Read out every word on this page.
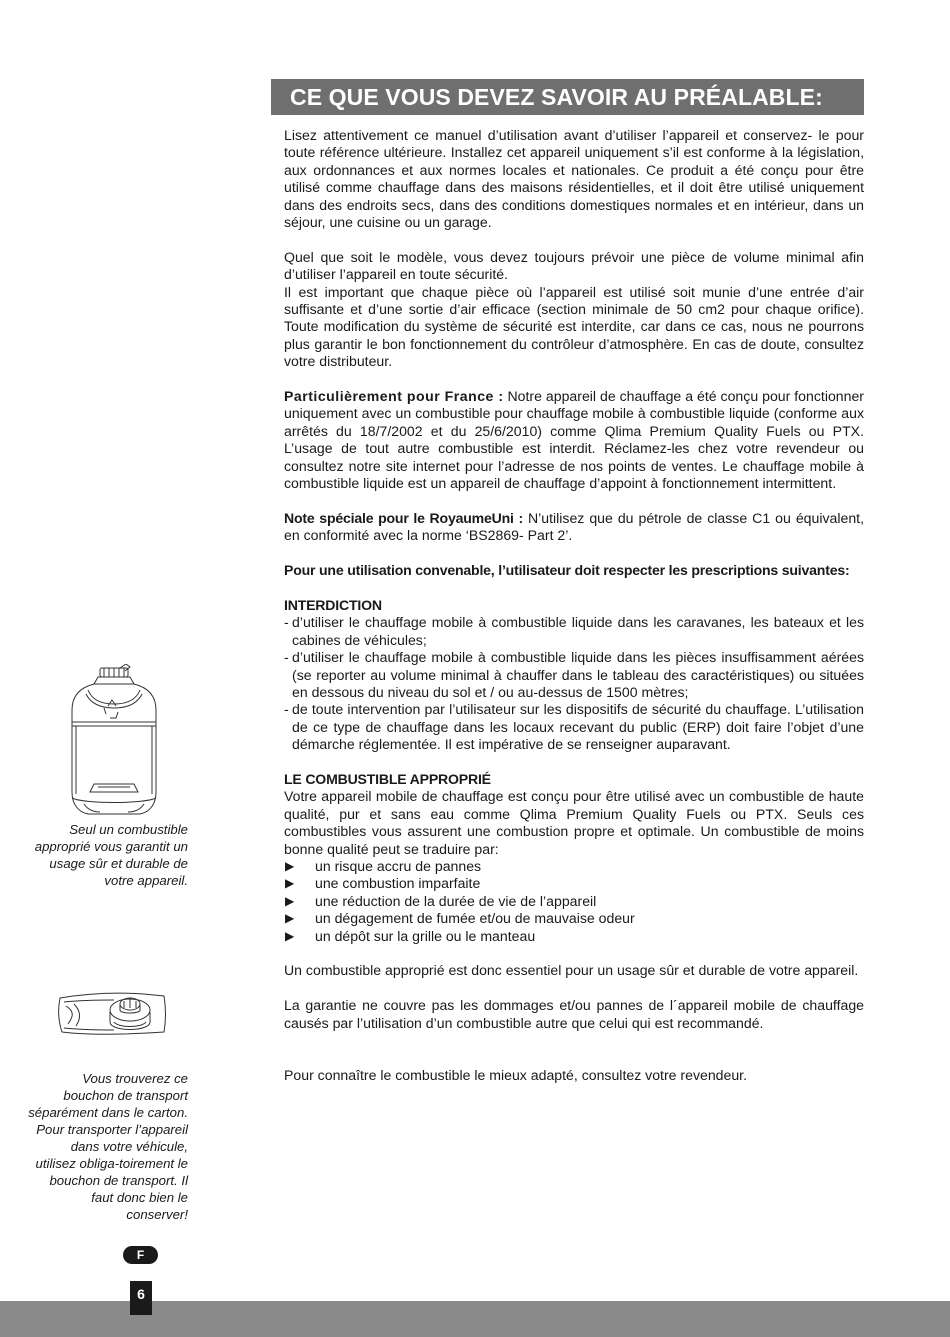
CE QUE VOUS DEVEZ SAVOIR AU PRÉALABLE:

Lisez attentivement ce manuel d’utilisation avant d’utiliser l’appareil et conservez- le pour toute référence ultérieure. Installez cet appareil uniquement s’il est conforme à la législation, aux ordonnances et aux normes locales et nationales. Ce produit a été conçu pour être utilisé comme chauffage dans des maisons résidentielles, et il doit être utilisé uniquement dans des endroits secs, dans des conditions domestiques normales et en intérieur, dans un séjour, une cuisine ou un garage.

Quel que soit le modèle, vous devez toujours prévoir une pièce de volume minimal afin d’utiliser l’appareil en toute sécurité.

Il est important que chaque pièce où l’appareil est utilisé soit munie d’une entrée d’air suffisante et d’une sortie d’air efficace (section minimale de 50 cm2 pour chaque orifice). Toute modification du système de sécurité est interdite, car dans ce cas, nous ne pourrons plus garantir le bon fonctionnement du contrôleur d’atmosphère. En cas de doute, consultez votre distributeur.

Particulièrement pour France : Notre appareil de chauffage a été conçu pour fonctionner uniquement avec un combustible pour chauffage mobile à combustible liquide (conforme aux arrêtés du 18/7/2002 et du 25/6/2010) comme Qlima Premium Quality Fuels ou PTX. L’usage de tout autre combustible est interdit. Réclamez-les chez votre revendeur ou consultez notre site internet pour l’adresse de nos points de ventes. Le chauffage mobile à combustible liquide est un appareil de chauffage d’appoint à fonctionnement intermittent.

Note spéciale pour le RoyaumeUni : N’utilisez que du pétrole de classe C1 ou équivalent, en conformité avec la norme ‘BS2869- Part 2’.

Pour une utilisation convenable, l’utilisateur doit respecter les prescriptions suivantes:

INTERDICTION

- d’utiliser le chauffage mobile à combustible liquide dans les caravanes, les bateaux et les cabines de véhicules;
- d’utiliser le chauffage mobile à combustible liquide dans les pièces insuffisamment aérées (se reporter au volume minimal à chauffer dans le tableau des caractéristiques) ou situées en dessous du niveau du sol et / ou au-dessus de 1500 mètres;
- de toute intervention par l’utilisateur sur les dispositifs de sécurité du chauffage. L’utilisation de ce type de chauffage dans les locaux recevant du public (ERP) doit faire l’objet d’une démarche réglementée. Il est impérative de se renseigner auparavant.

LE COMBUSTIBLE APPROPRIÉ

Votre appareil mobile de chauffage est conçu pour être utilisé avec un combustible de haute qualité, pur et sans eau comme Qlima Premium Quality Fuels ou PTX. Seuls ces combustibles vous assurent une combustion propre et optimale. Un combustible de moins bonne qualité peut se traduire par:

▶ un risque accru de pannes
▶ une combustion imparfaite
▶ une réduction de la durée de vie de l’appareil
▶ un dégagement de fumée et/ou de mauvaise odeur
▶ un dépôt sur la grille ou le manteau

Un combustible approprié est donc essentiel pour un usage sûr et durable de votre appareil.

La garantie ne couvre pas les dommages et/ou pannes de l´appareil mobile de chauffage causés par l’utilisation d’un combustible autre que celui qui est recommandé.

Pour connaître le combustible le mieux adapté, consultez votre revendeur.

Seul un combustible approprié vous garantit un usage sûr et durable de votre appareil.
Vous trouverez ce bouchon de transport séparément dans le carton. Pour transporter l’appareil dans votre véhicule, utilisez obliga-toirement le bouchon de transport. Il faut donc bien le conserver!
F
6
